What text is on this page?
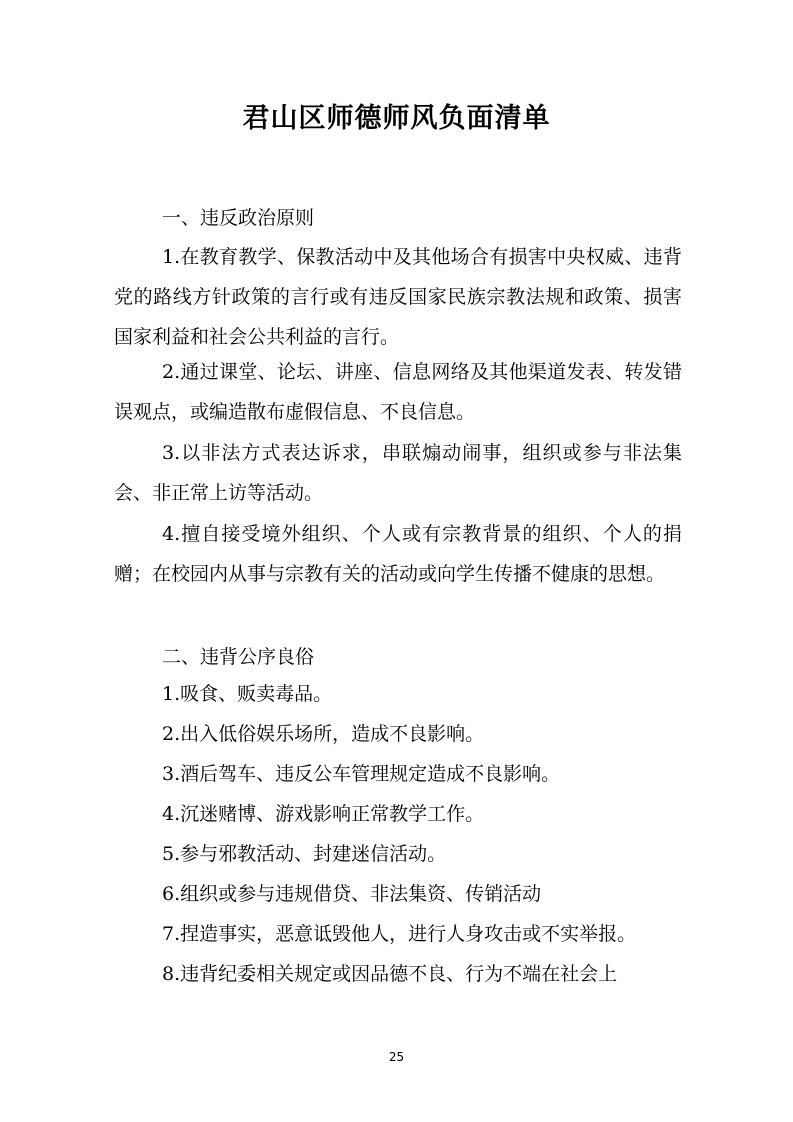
君山区师德师风负面清单
一、违反政治原则

1.在教育教学、保教活动中及其他场合有损害中央权威、违背党的路线方针政策的言行或有违反国家民族宗教法规和政策、损害国家利益和社会公共利益的言行。

2.通过课堂、论坛、讲座、信息网络及其他渠道发表、转发错误观点，或编造散布虚假信息、不良信息。

3.以非法方式表达诉求，串联煽动闹事，组织或参与非法集会、非正常上访等活动。

4.擅自接受境外组织、个人或有宗教背景的组织、个人的捐赠；在校园内从事与宗教有关的活动或向学生传播不健康的思想。

二、违背公序良俗
1.吸食、贩卖毒品。
2.出入低俗娱乐场所，造成不良影响。
3.酒后驾车、违反公车管理规定造成不良影响。
4.沉迷赌博、游戏影响正常教学工作。
5.参与邪教活动、封建迷信活动。
6.组织或参与违规借贷、非法集资、传销活动
7.捏造事实，恶意诋毁他人，进行人身攻击或不实举报。
8.违背纪委相关规定或因品德不良、行为不端在社会上
25
